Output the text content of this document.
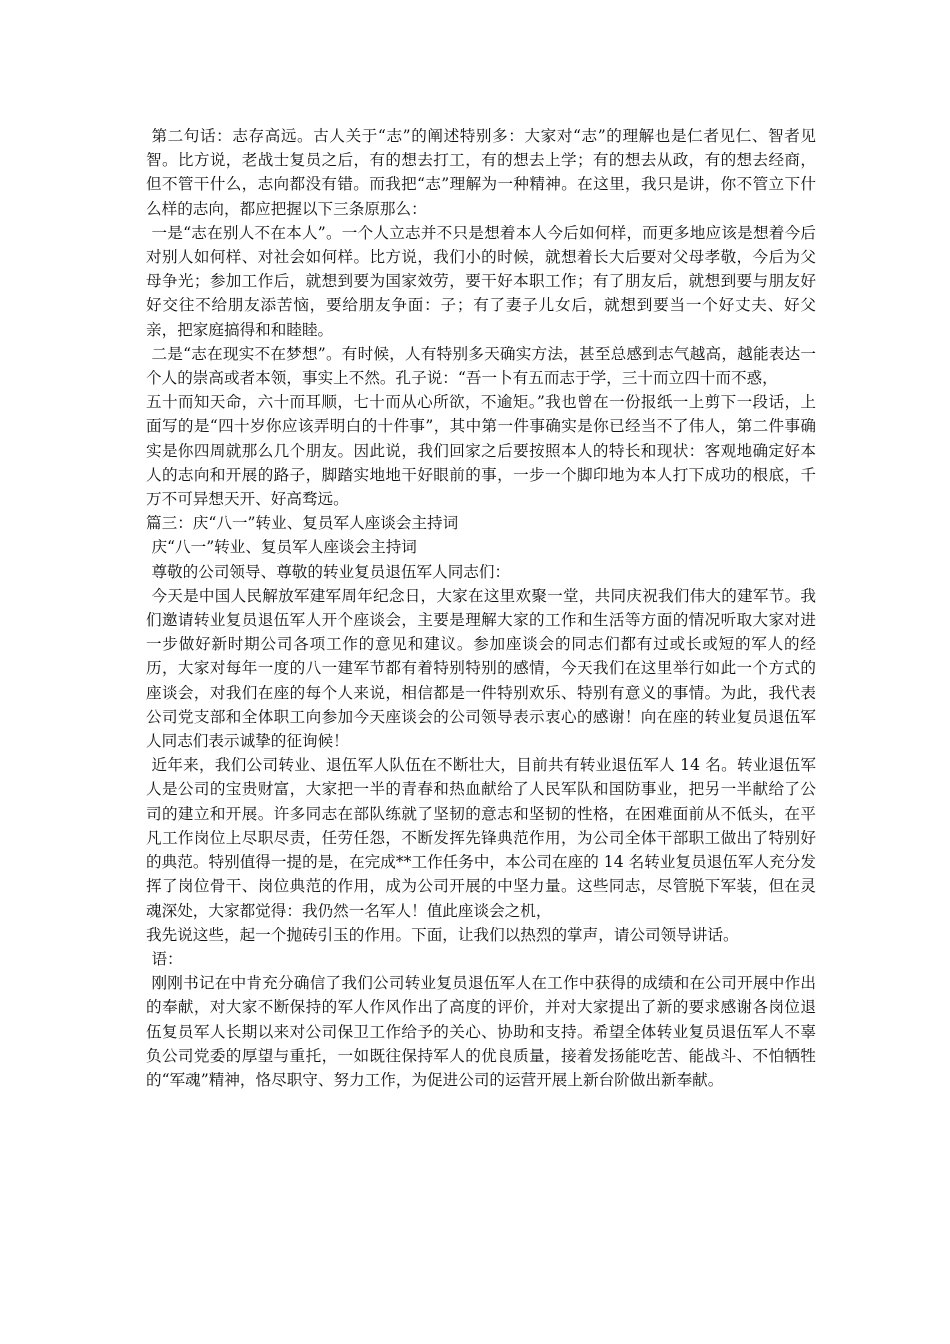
第二句话：志存高远。古人关于“志”的阐述特别多：大家对“志”的理解也是仁者见仁、智者见智。比方说，老战士复员之后，有的想去打工，有的想去上学；有的想去从政，有的想去经商，但不管干什么，志向都没有错。而我把“志”理解为一种精神。在这里，我只是讲，你不管立下什么样的志向，都应把握以下三条原那么：

一是“志在别人不在本人”。一个人立志并不只是想着本人今后如何样，而更多地应该是想着今后对别人如何样、对社会如何样。比方说，我们小的时候，就想着长大后要对父母孝敬，今后为父母争光；参加工作后，就想到要为国家效劳，要干好本职工作；有了朋友后，就想到要与朋友好好交往不给朋友添苦恼，要给朋友争面：子；有了妻子儿女后，就想到要当一个好丈夫、好父亲，把家庭搞得和和睦睦。

二是“志在现实不在梦想”。有时候，人有特别多天确实方法，甚至总感到志气越高，越能表达一个人的崇高或者本领，事实上不然。孔子说：“吾一卜有五而志于学，三十而立四十而不惑，

五十而知天命，六十而耳顺，七十而从心所欲，不逾矩。”我也曾在一份报纸一上剪下一段话，上面写的是“四十岁你应该弄明白的十件事”，其中第一件事确实是你已经当不了伟人，第二件事确实是你四周就那么几个朋友。因此说，我们回家之后要按照本人的特长和现状：客观地确定好本人的志向和开展的路子，脚踏实地地干好眼前的事，一步一个脚印地为本人打下成功的根底，千万不可异想天开、好高骛远。

篇三：庆“八一”转业、复员军人座谈会主持词

庆“八一”转业、复员军人座谈会主持词

尊敬的公司领导、尊敬的转业复员退伍军人同志们：

今天是中国人民解放军建军周年纪念日，大家在这里欢聚一堂，共同庆祝我们伟大的建军节。我们邀请转业复员退伍军人开个座谈会，主要是理解大家的工作和生活等方面的情况听取大家对进一步做好新时期公司各项工作的意见和建议。参加座谈会的同志们都有过或长或短的军人的经历，大家对每年一度的八一建军节都有着特别特别的感情，今天我们在这里举行如此一个方式的座谈会，对我们在座的每个人来说，相信都是一件特别欢乐、特别有意义的事情。为此，我代表公司党支部和全体职工向参加今天座谈会的公司领导表示衷心的感谢！向在座的转业复员退伍军人同志们表示诚挚的征询候！

近年来，我们公司转业、退伍军人队伍在不断壮大，目前共有转业退伍军人 14 名。转业退伍军人是公司的宝贵财富，大家把一半的青春和热血献给了人民军队和国防事业，把另一半献给了公司的建立和开展。许多同志在部队练就了坚韧的意志和坚韧的性格，在困难面前从不低头，在平凡工作岗位上尽职尽责，任劳任怨，不断发挥先锋典范作用，为公司全体干部职工做出了特别好的典范。特别值得一提的是，在完成**工作任务中，本公司在座的 14 名转业复员退伍军人充分发挥了岗位骨干、岗位典范的作用，成为公司开展的中坚力量。这些同志，尽管脱下军装，但在灵魂深处，大家都觉得：我仍然一名军人！值此座谈会之机，

我先说这些，起一个抛砖引玉的作用。下面，让我们以热烈的掌声，请公司领导讲话。

语：

刚刚书记在中肯充分确信了我们公司转业复员退伍军人在工作中获得的成绩和在公司开展中作出的奉献，对大家不断保持的军人作风作出了高度的评价，并对大家提出了新的要求感谢各岗位退伍复员军人长期以来对公司保卫工作给予的关心、协助和支持。希望全体转业复员退伍军人不辜负公司党委的厚望与重托，一如既往保持军人的优良质量，接着发扬能吃苦、能战斗、不怕牺牲的“军魂”精神，恪尽职守、努力工作，为促进公司的运营开展上新台阶做出新奉献。
